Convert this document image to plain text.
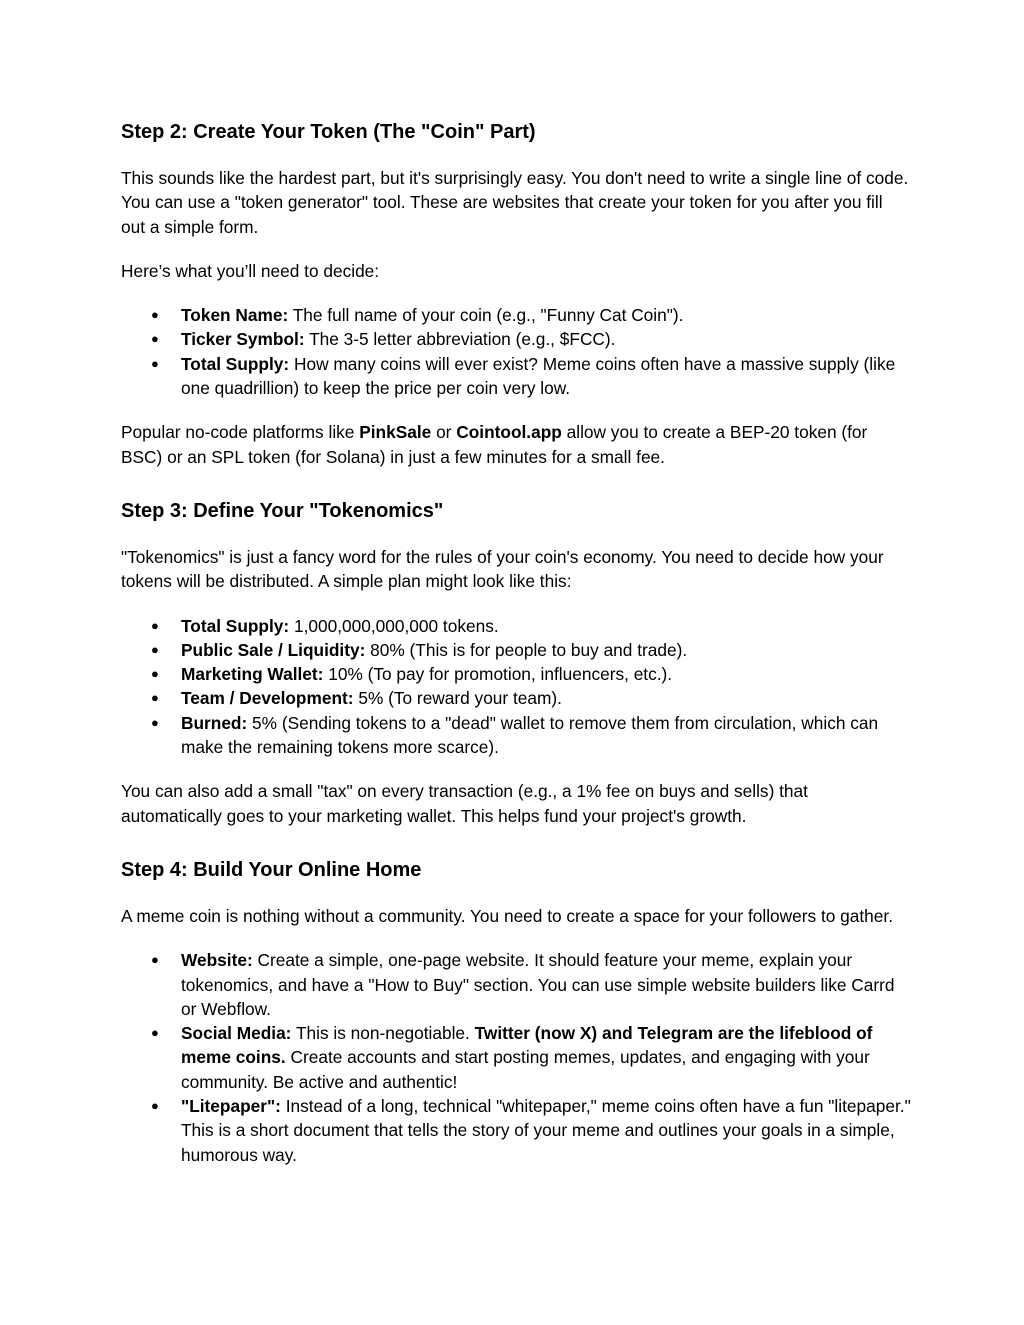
Step 2: Create Your Token (The "Coin" Part)

This sounds like the hardest part, but it's surprisingly easy. You don't need to write a single line of code. You can use a "token generator" tool. These are websites that create your token for you after you fill out a simple form.

Here’s what you’ll need to decide:

● Token Name: The full name of your coin (e.g., "Funny Cat Coin").
● Ticker Symbol: The 3-5 letter abbreviation (e.g., $FCC).
● Total Supply: How many coins will ever exist? Meme coins often have a massive supply (like one quadrillion) to keep the price per coin very low.

Popular no-code platforms like PinkSale or Cointool.app allow you to create a BEP-20 token (for BSC) or an SPL token (for Solana) in just a few minutes for a small fee.

Step 3: Define Your "Tokenomics"

"Tokenomics" is just a fancy word for the rules of your coin's economy. You need to decide how your tokens will be distributed. A simple plan might look like this:

● Total Supply: 1,000,000,000,000 tokens.
● Public Sale / Liquidity: 80% (This is for people to buy and trade).
● Marketing Wallet: 10% (To pay for promotion, influencers, etc.).
● Team / Development: 5% (To reward your team).
● Burned: 5% (Sending tokens to a "dead" wallet to remove them from circulation, which can make the remaining tokens more scarce).

You can also add a small "tax" on every transaction (e.g., a 1% fee on buys and sells) that automatically goes to your marketing wallet. This helps fund your project's growth.

Step 4: Build Your Online Home

A meme coin is nothing without a community. You need to create a space for your followers to gather.

● Website: Create a simple, one-page website. It should feature your meme, explain your tokenomics, and have a "How to Buy" section. You can use simple website builders like Carrd or Webflow.
● Social Media: This is non-negotiable. Twitter (now X) and Telegram are the lifeblood of meme coins. Create accounts and start posting memes, updates, and engaging with your community. Be active and authentic!
● "Litepaper": Instead of a long, technical "whitepaper," meme coins often have a fun "litepaper." This is a short document that tells the story of your meme and outlines your goals in a simple, humorous way.
